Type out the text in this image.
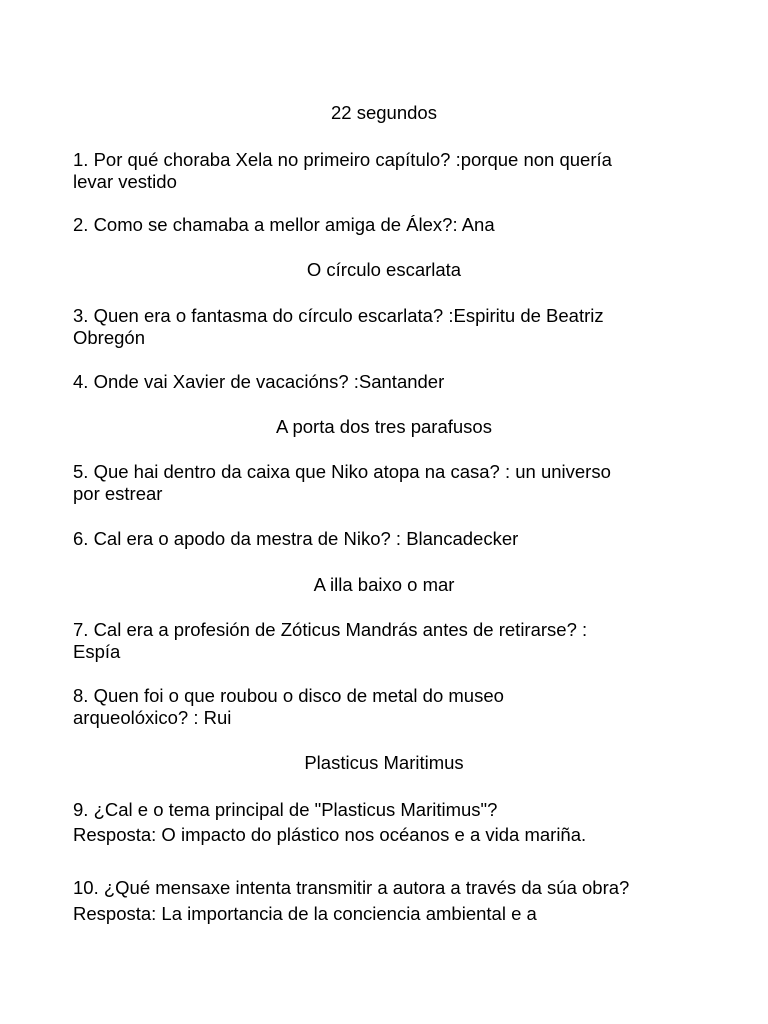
22 segundos
1. Por qué choraba Xela no primeiro capítulo? :porque non quería
levar vestido
2. Como se chamaba a mellor amiga de Álex?: Ana
O círculo escarlata
3. Quen era o fantasma do círculo escarlata? :Espiritu de Beatriz
Obregón
4. Onde vai Xavier de vacacións? :Santander
A porta dos tres parafusos
5. Que hai dentro da caixa que Niko atopa na casa? : un universo
por estrear
6. Cal era o apodo da mestra de Niko? : Blancadecker
A illa baixo o mar
7. Cal era a profesión de Zóticus Mandrás antes de retirarse? :
Espía
8. Quen foi o que roubou o disco de metal do museo
arqueolóxico? : Rui
Plasticus Maritimus
9. ¿Cal e o tema principal de "Plasticus Maritimus"?
Resposta: O impacto do plástico nos océanos e a vida mariña.
10. ¿Qué mensaxe intenta transmitir a autora a través da súa obra?
Resposta: La importancia de la conciencia ambiental e a
